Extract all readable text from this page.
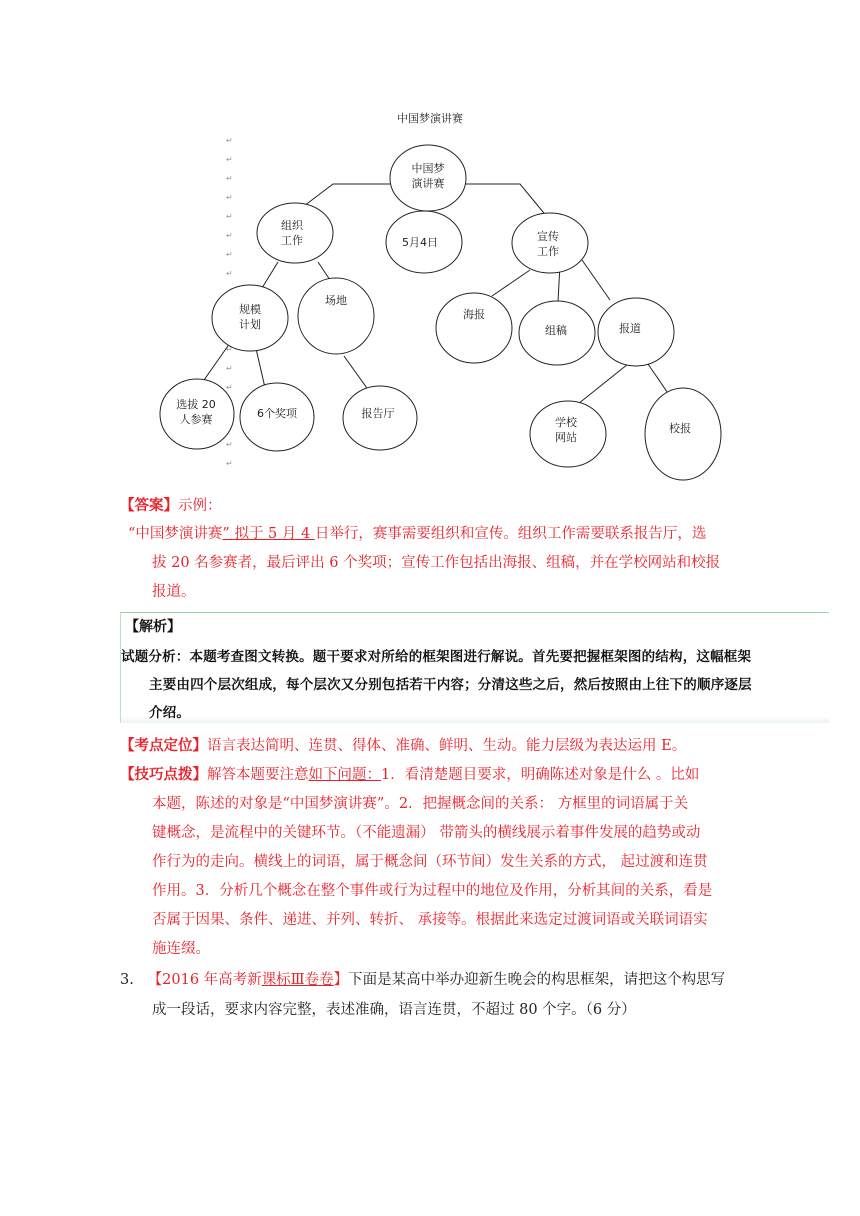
↵
↵
↵
↵
↵
↵
↵
↵
↵
↵
↵
↵
↵
中国梦演讲赛
中国梦演讲赛
组织工作	5月4日	宣传工作
规模计划
场地
海报
组稿	报道
选拔 20 人参赛	6个奖项	报告厅
学校网站
校报
【答案】示例：
“中国梦演讲赛” 拟于 5 月 4 日举行，赛事需要组织和宣传。组织工作需要联系报告厅，选
拔 20 名参赛者，最后评出 6 个奖项；宣传工作包括出海报、组稿，并在学校网站和校报
报道。
【解析】
试题分析：本题考查图文转换。题干要求对所给的框架图进行解说。首先要把握框架图的结构，这幅框架
主要由四个层次组成，每个层次又分别包括若干内容；分清这些之后，然后按照由上往下的顺序逐层
介绍。
【考点定位】语言表达简明、连贯、得体、准确、鲜明、生动。能力层级为表达运用 E。
【技巧点拨】解答本题要注意如下问题：1．看清楚题目要求，明确陈述对象是什么 。比如
本题，陈述的对象是“中国梦演讲赛”。2．把握概念间的关系： 方框里的词语属于关
键概念，是流程中的关键环节。（不能遗漏） 带箭头的横线展示着事件发展的趋势或动
作行为的走向。横线上的词语，属于概念间（环节间）发生关系的方式， 起过渡和连贯
作用。3．分析几个概念在整个事件或行为过程中的地位及作用，分析其间的关系，看是
否属于因果、条件、递进、并列、转折、 承接等。根据此来选定过渡词语或关联词语实
施连缀。
3. 【2016 年高考新课标Ⅲ卷卷】下面是某高中举办迎新生晚会的构思框架，请把这个构思写
成一段话，要求内容完整，表述准确，语言连贯，不超过 80 个字。（6 分）
